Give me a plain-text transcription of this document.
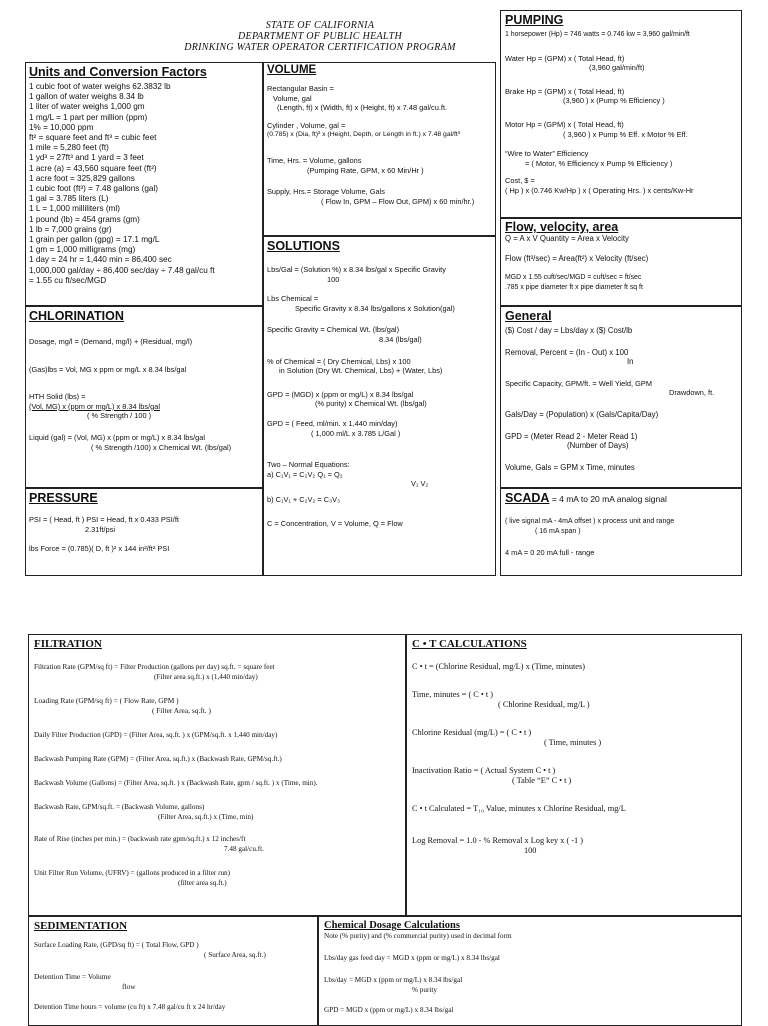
STATE OF CALIFORNIA
DEPARTMENT OF PUBLIC HEALTH
DRINKING WATER OPERATOR CERTIFICATION PROGRAM
Units and Conversion Factors
1 cubic foot of water weighs 62.3832 lb
1 gallon of water weighs 8.34 lb
1 liter of water weighs 1,000 gm
1 mg/L = 1 part per million (ppm)
1% = 10,000 ppm
ft² = square feet and ft³ = cubic feet
1 mile = 5,280 feet (ft)
1 yd³ = 27ft³ and 1 yard = 3 feet
1 acre (a) = 43,560 square feet (ft²)
1 acre foot = 325,829 gallons
1 cubic foot (ft³) = 7.48 gallons (gal)
1 gal = 3.785 liters (L)
1 L = 1,000 milliliters (ml)
1 pound (lb) = 454 grams (gm)
1 lb = 7,000 grains (gr)
1 grain per gallon (gpg) = 17.1 mg/L
1 gm = 1,000 milligrams (mg)
1 day = 24 hr = 1,440 min = 86,400 sec
1,000,000 gal/day ÷ 86,400 sec/day ÷ 7.48 gal/cu ft
= 1.55 cu ft/sec/MGD
CHLORINATION
Dosage, mg/l = (Demand, mg/l) + (Residual, mg/l)
(Gas)lbs = Vol, MG x ppm or mg/L x 8.34 lbs/gal
HTH Solid (lbs) =
(Vol, MG) x (ppm or mg/L) x 8.34 lbs/gal
( % Strength / 100 )
Liquid (gal) = (Vol, MG) x (ppm or mg/L) x 8.34 lbs/gal
( % Strength /100) x Chemical Wt. (lbs/gal)
PRESSURE
PSI = ( Head, ft ) PSI = Head, ft x 0.433 PSI/ft
2.31ft/psi
lbs Force = (0.785)( D, ft )² x 144 in²/ft² PSI
VOLUME
Rectangular Basin =
Volume, gal
(Length, ft) x (Width, ft) x (Height, ft) x 7.48 gal/cu.ft.
Cylinder , Volume, gal =
(0.785) x (Dia, ft)² x (Height, Depth, or Length in ft.) x 7.48 gal/ft³
Time, Hrs. = Volume, gallons
(Pumping Rate, GPM, x 60 Min/Hr )
Supply, Hrs.= Storage Volume, Gals
( Flow In, GPM – Flow Out, GPM) x 60 min/hr.)
SOLUTIONS
Lbs/Gal = (Solution %) x 8.34 lbs/gal x Specific Gravity
100
Lbs Chemical =
Specific Gravity x 8.34 lbs/gallons x Solution(gal)
Specific Gravity = Chemical Wt. (lbs/gal)
8.34 (lbs/gal)
% of Chemical = ( Dry Chemical, Lbs) x 100
in Solution (Dry Wt. Chemical, Lbs) + (Water, Lbs)
GPD = (MGD) x (ppm or mg/L) x 8.34 lbs/gal
(% purity) x Chemical Wt. (lbs/gal)
GPD = ( Feed, ml/min. x 1,440 min/day)
( 1,000 ml/L x 3.785 L/Gal )
Two – Normal Equations:
a) C₁V₁ = C₂V₂ Q₁ = Q₂
V₁ V₂
b) C₁V₁ + C₂V₂ = C₃V₃
C = Concentration, V = Volume, Q = Flow
PUMPING
1 horsepower (Hp) = 746 watts = 0.746 kw = 3,960 gal/min/ft
Water Hp = (GPM) x ( Total Head, ft)
(3,960 gal/min/ft)
Brake Hp = (GPM) x ( Total Head, ft)
(3,960 ) x (Pump % Efficiency )
Motor Hp = (GPM) x ( Total Head, ft)
( 3,960 ) x Pump % Eff. x Motor % Eff.
“Wire to Water” Efficiency
= ( Motor, % Efficiency x Pump % Efficiency )
Cost, $ =
( Hp ) x (0.746 Kw/Hp ) x ( Operating Hrs. ) x cents/Kw-Hr
Flow, velocity, area
Q = A x V Quantity = Area x Velocity
Flow (ft³/sec) = Area(ft²) x Velocity (ft/sec)
MGD x 1.55 cuft/sec/MGD = cuft/sec = ft/sec
.785 x pipe diameter ft x pipe diameter ft sq ft
General
($) Cost / day = Lbs/day x ($) Cost/lb
Removal, Percent = (In - Out) x 100
In
Specific Capacity, GPM/ft. = Well Yield, GPM
Drawdown, ft.
Gals/Day = (Population) x (Gals/Capita/Day)
GPD = (Meter Read 2 - Meter Read 1)
(Number of Days)
Volume, Gals = GPM x Time, minutes
SCADA = 4 mA to 20 mA analog signal
( live signal mA - 4mA offset ) x process unit and range
( 16 mA span )
4 mA = 0 20 mA full - range
FILTRATION
Filtration Rate (GPM/sq ft) = Filter Production (gallons per day) sq.ft. = square feet
(Filter area sq.ft.) x (1,440 min/day)
Loading Rate (GPM/sq ft) = ( Flow Rate, GPM )
( Filter Area, sq.ft. )
Daily Filter Production (GPD) = (Filter Area, sq.ft. ) x (GPM/sq.ft. x 1,440 min/day)
Backwash Pumping Rate (GPM) = (Filter Area, sq.ft.) x (Backwash Rate, GPM/sq.ft.)
Backwash Volume (Gallons) = (Filter Area, sq.ft. ) x (Backwash Rate, gpm / sq.ft. ) x (Time, min).
Backwash Rate, GPM/sq.ft. = (Backwash Volume, gallons)
(Filter Area, sq.ft.) x (Time, min)
Rate of Rise (inches per min.) = (backwash rate gpm/sq.ft.) x 12 inches/ft
7.48 gal/cu.ft.
Unit Filter Run Volume, (UFRV) = (gallons produced in a filter run)
(filter area sq.ft.)
C • T CALCULATIONS
C • t = (Chlorine Residual, mg/L) x (Time, minutes)
Time, minutes = ( C • t )
( Chlorine Residual, mg/L )
Chlorine Residual (mg/L) = ( C • t )
( Time, minutes )
Inactivation Ratio = ( Actual System C • t )
( Table “E” C • t )
C • t Calculated = T₁₀ Value, minutes x Chlorine Residual, mg/L
Log Removal = 1.0 - % Removal x Log key x ( -1 )
100
SEDIMENTATION
Surface Loading Rate, (GPD/sq ft) = ( Total Flow, GPD )
( Surface Area, sq.ft.)
Detention Time = Volume
flow
Detention Time hours = volume (cu ft) x 7.48 gal/cu ft x 24 hr/day
Chemical Dosage Calculations
Note (% purity) and (% commercial purity) used in decimal form
Lbs/day gas feed day = MGD x (ppm or mg/L) x 8.34 lbs/gal
Lbs/day = MGD x (ppm or mg/L) x 8.34 lbs/gal
% purity
GPD = MGD x (ppm or mg/L) x 8.34 lbs/gal
